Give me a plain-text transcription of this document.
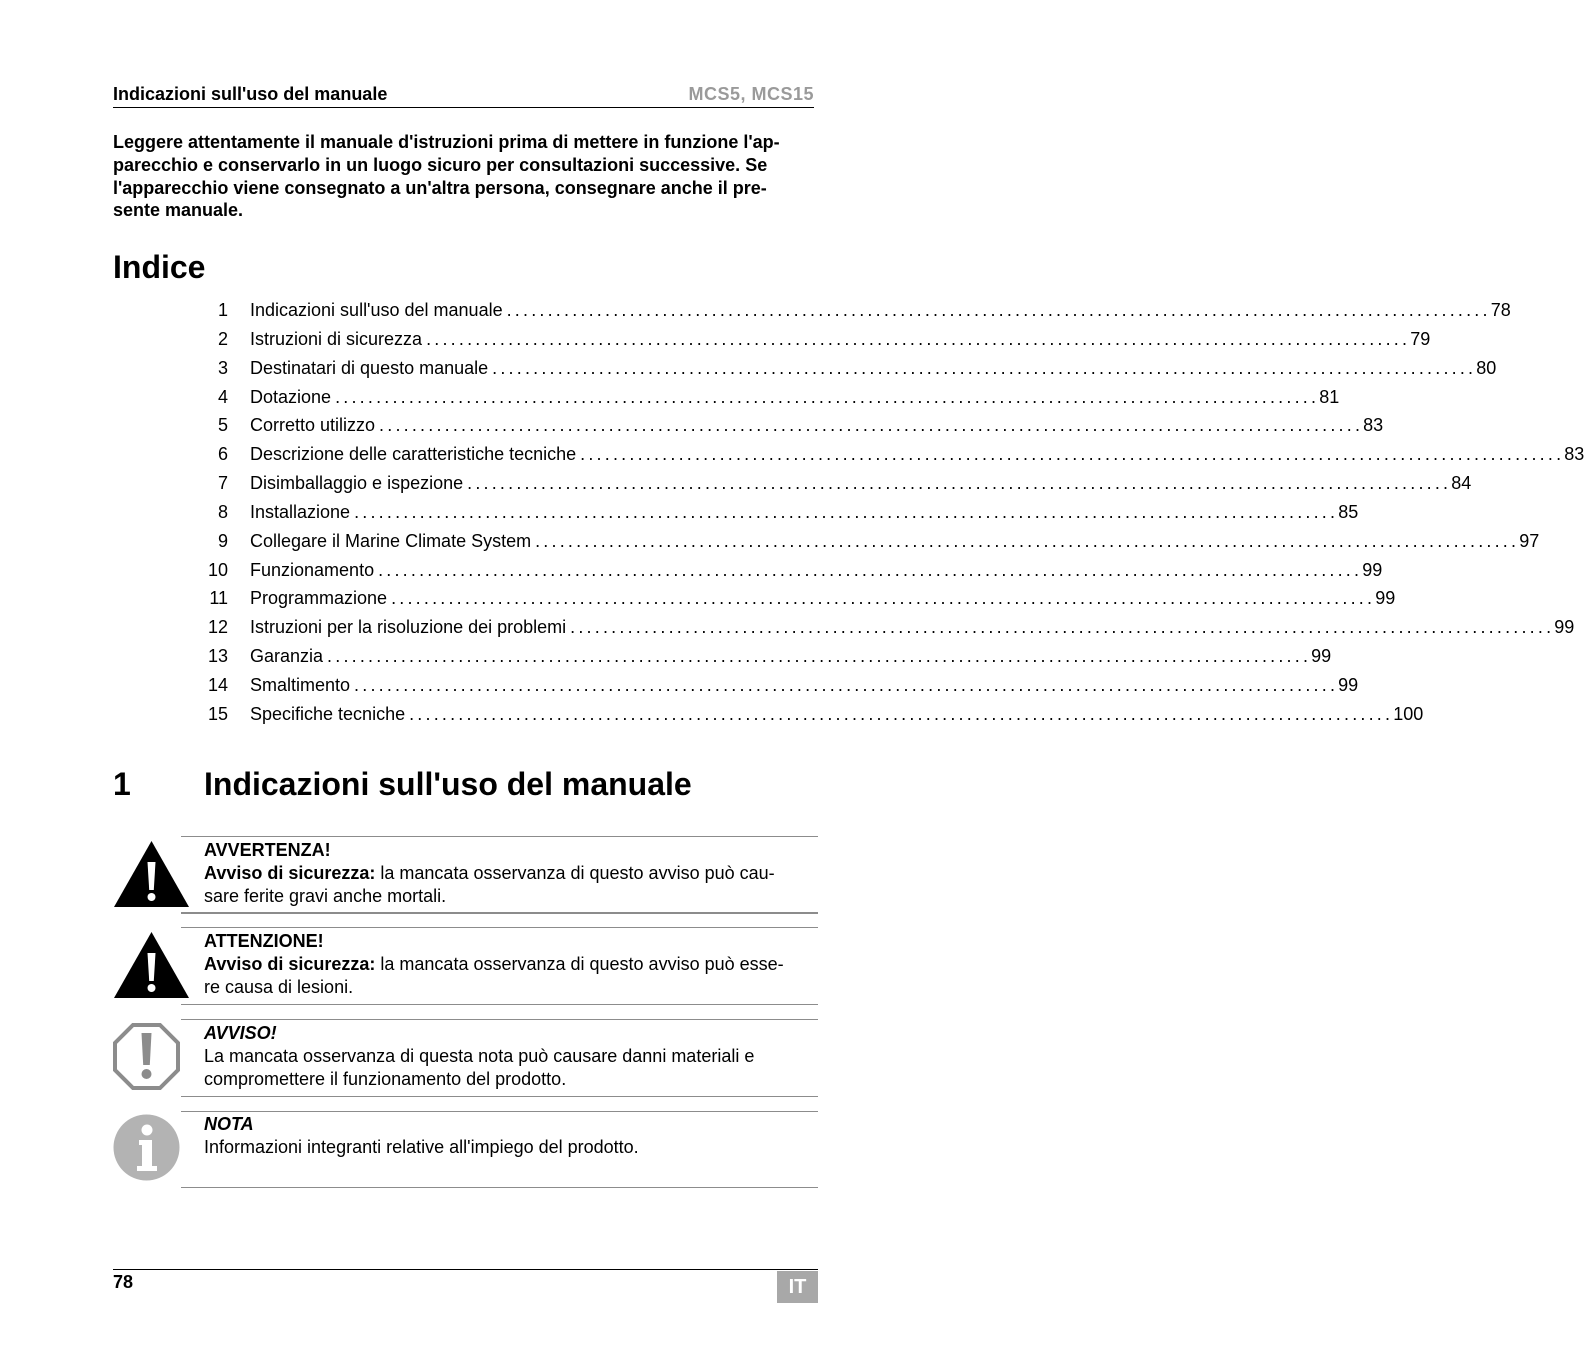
Indicazioni sull'uso del manuale	MCS5, MCS15
Leggere attentamente il manuale d'istruzioni prima di mettere in funzione l'ap-
parecchio e conservarlo in un luogo sicuro per consultazioni successive. Se
l'apparecchio viene consegnato a un'altra persona, consegnare anche il pre-
sente manuale.
Indice
1 Indicazioni sull'uso del manuale ........................................................................................................................ 78
2 Istruzioni di sicurezza ........................................................................................................................ 79
3 Destinatari di questo manuale ........................................................................................................................ 80
4 Dotazione ........................................................................................................................ 81
5 Corretto utilizzo ........................................................................................................................ 83
6 Descrizione delle caratteristiche tecniche ........................................................................................................................ 83
7 Disimballaggio e ispezione ........................................................................................................................ 84
8 Installazione ........................................................................................................................ 85
9 Collegare il Marine Climate System ........................................................................................................................ 97
10 Funzionamento ........................................................................................................................ 99
11 Programmazione ........................................................................................................................ 99
12 Istruzioni per la risoluzione dei problemi ........................................................................................................................ 99
13 Garanzia ........................................................................................................................ 99
14 Smaltimento ........................................................................................................................ 99
15 Specifiche tecniche ........................................................................................................................ 100
1 Indicazioni sull'uso del manuale
AVVERTENZA!
Avviso di sicurezza: la mancata osservanza di questo avviso può cau-
sare ferite gravi anche mortali.
ATTENZIONE!
Avviso di sicurezza: la mancata osservanza di questo avviso può esse-
re causa di lesioni.
AVVISO!
La mancata osservanza di questa nota può causare danni materiali e
compromettere il funzionamento del prodotto.
NOTA
Informazioni integranti relative all'impiego del prodotto.
78	IT
